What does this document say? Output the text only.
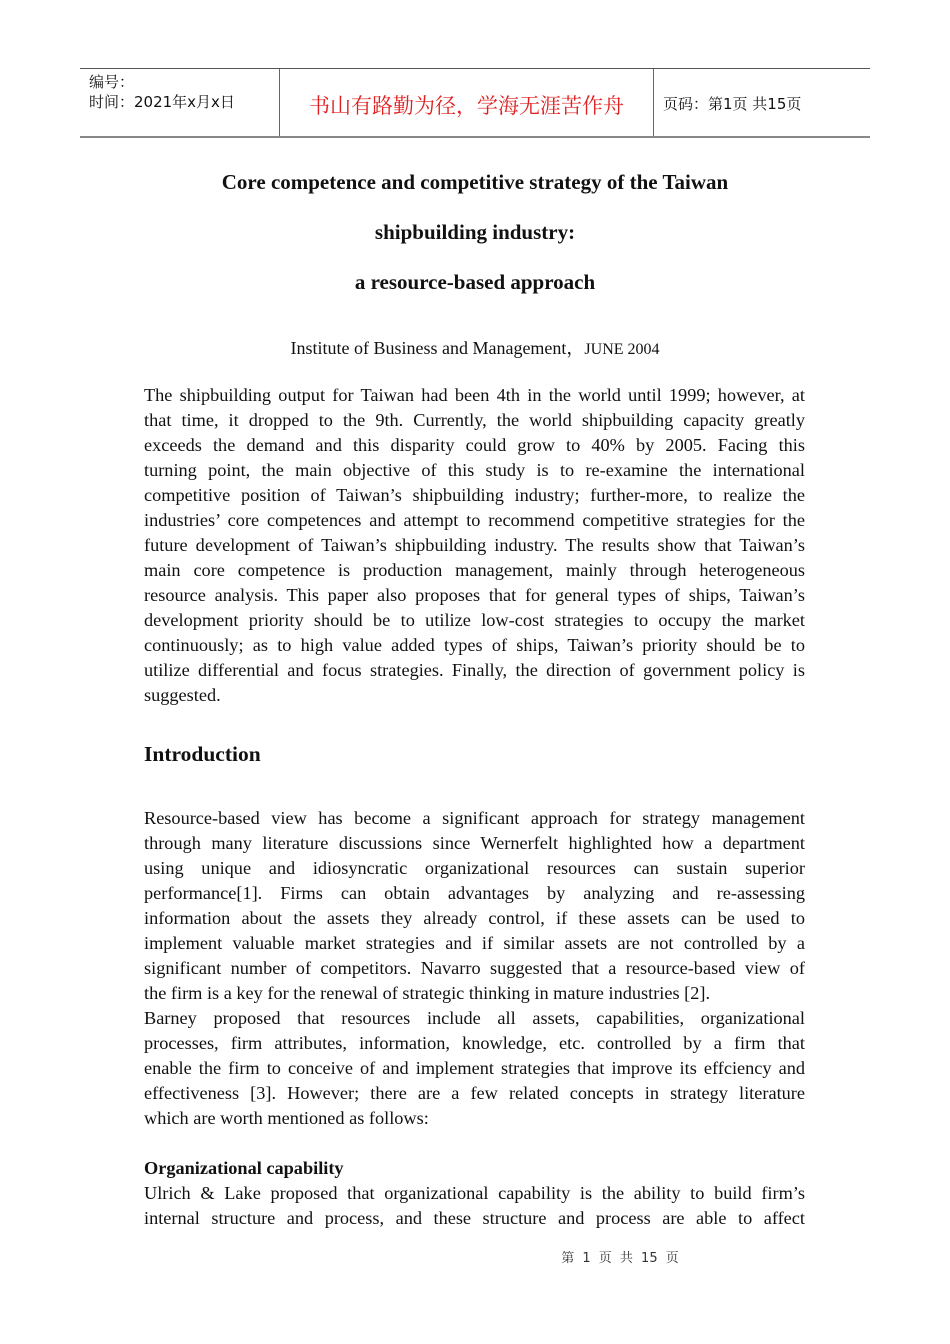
编号：
时间：2021年x月x日	书山有路勤为径，学海无涯苦作舟	页码：第1页 共15页
Core competence and competitive strategy of the Taiwan
shipbuilding industry:
a resource-based approach
Institute of Business and Management，JUNE 2004
The shipbuilding output for Taiwan had been 4th in the world until 1999; however, at
that time, it dropped to the 9th. Currently, the world shipbuilding capacity greatly
exceeds the demand and this disparity could grow to 40% by 2005. Facing this
turning point, the main objective of this study is to re-examine the international
competitive position of Taiwan’s shipbuilding industry; further-more, to realize the
industries’ core competences and attempt to recommend competitive strategies for the
future development of Taiwan’s shipbuilding industry. The results show that Taiwan’s
main core competence is production management, mainly through heterogeneous
resource analysis. This paper also proposes that for general types of ships, Taiwan’s
development priority should be to utilize low-cost strategies to occupy the market
continuously; as to high value added types of ships, Taiwan’s priority should be to
utilize differential and focus strategies. Finally, the direction of government policy is
suggested.
Introduction
Resource-based view has become a significant approach for strategy management
through many literature discussions since Wernerfelt highlighted how a department
using unique and idiosyncratic organizational resources can sustain superior
performance[1]. Firms can obtain advantages by analyzing and re-assessing
information about the assets they already control, if these assets can be used to
implement valuable market strategies and if similar assets are not controlled by a
significant number of competitors. Navarro suggested that a resource-based view of
the firm is a key for the renewal of strategic thinking in mature industries [2].
Barney proposed that resources include all assets, capabilities, organizational
processes, firm attributes, information, knowledge, etc. controlled by a firm that
enable the firm to conceive of and implement strategies that improve its effciency and
effectiveness [3]. However; there are a few related concepts in strategy literature
which are worth mentioned as follows:
Organizational capability
Ulrich & Lake proposed that organizational capability is the ability to build firm’s
internal structure and process, and these structure and process are able to affect
第 1 页 共 15 页
